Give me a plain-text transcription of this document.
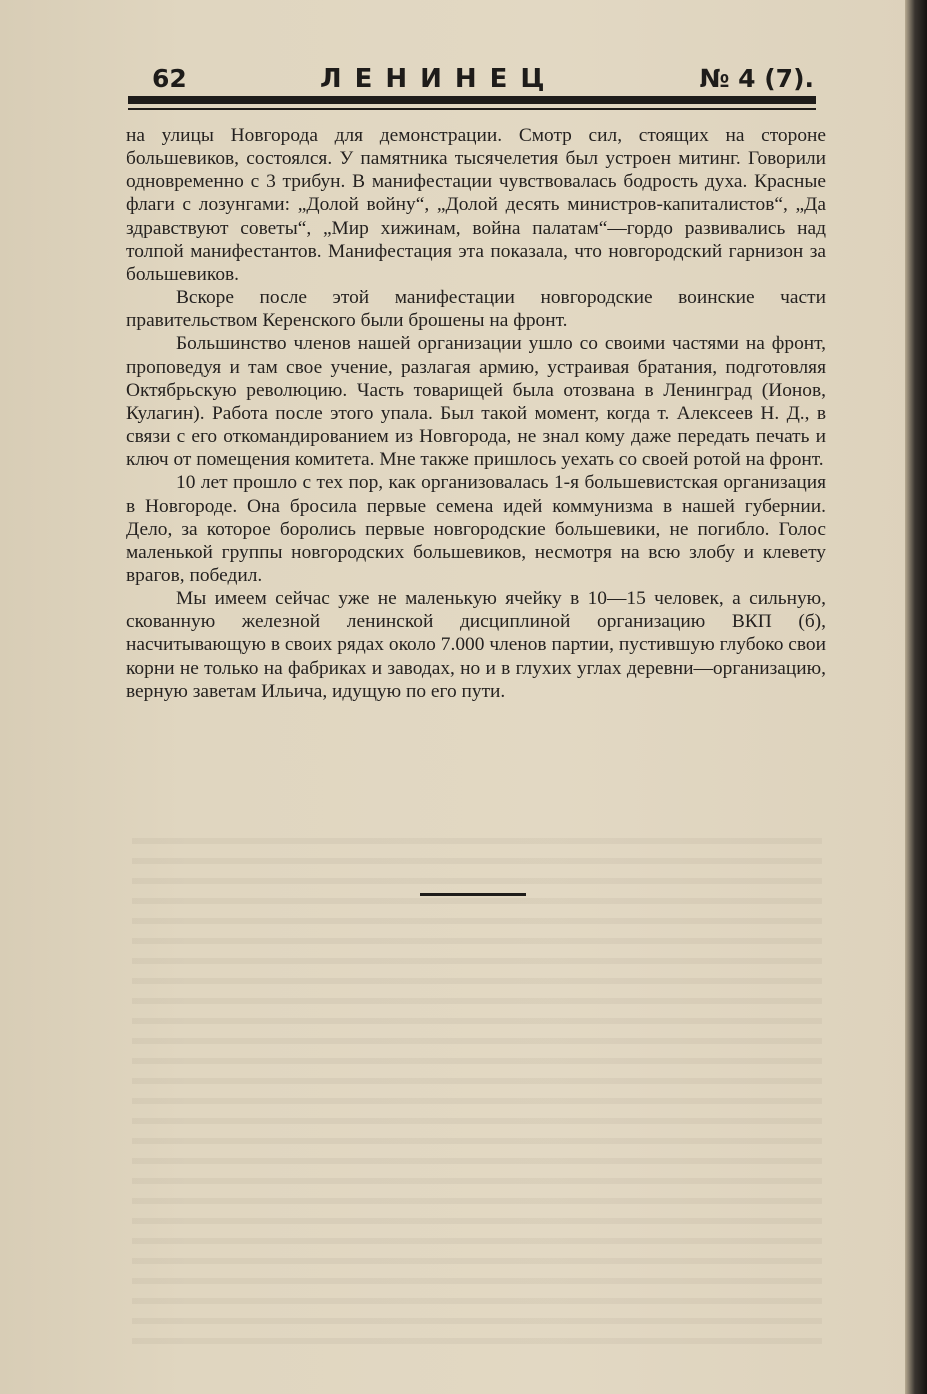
62	ЛЕНИНЕЦ	№ 4 (7).

на улицы Новгорода для демонстрации. Смотр сил, стоящих на стороне большевиков, состоялся. У памятника тысячелетия был устроен митинг. Говорили одновременно с 3 трибун. В манифестации чувствовалась бодрость духа. Красные флаги с лозунгами: „Долой войну“, „Долой десять министров-капиталистов“, „Да здравствуют советы“, „Мир хижинам, война палатам“—гордо развивались над толпой манифестантов. Манифестация эта показала, что новгородский гарнизон за большевиков.

Вскоре после этой манифестации новгородские воинские части правительством Керенского были брошены на фронт.

Большинство членов нашей организации ушло со своими частями на фронт, проповедуя и там свое учение, разлагая армию, устраивая братания, подготовляя Октябрьскую революцию. Часть товарищей была отозвана в Ленинград (Ионов, Кулагин). Работа после этого упала. Был такой момент, когда т. Алексеев Н. Д., в связи с его откомандированием из Новгорода, не знал кому даже передать печать и ключ от помещения комитета. Мне также пришлось уехать со своей ротой на фронт.

10 лет прошло с тех пор, как организовалась 1-я большевистская организация в Новгороде. Она бросила первые семена идей коммунизма в нашей губернии. Дело, за которое боролись первые новгородские большевики, не погибло. Голос маленькой группы новгородских большевиков, несмотря на всю злобу и клевету врагов, победил.

Мы имеем сейчас уже не маленькую ячейку в 10—15 человек, а сильную, скованную железной ленинской дисциплиной организацию ВКП (б), насчитывающую в своих рядах около 7.000 членов партии, пустившую глубоко свои корни не только на фабриках и заводах, но и в глухих углах деревни—организацию, верную заветам Ильича, идущую по его пути.
